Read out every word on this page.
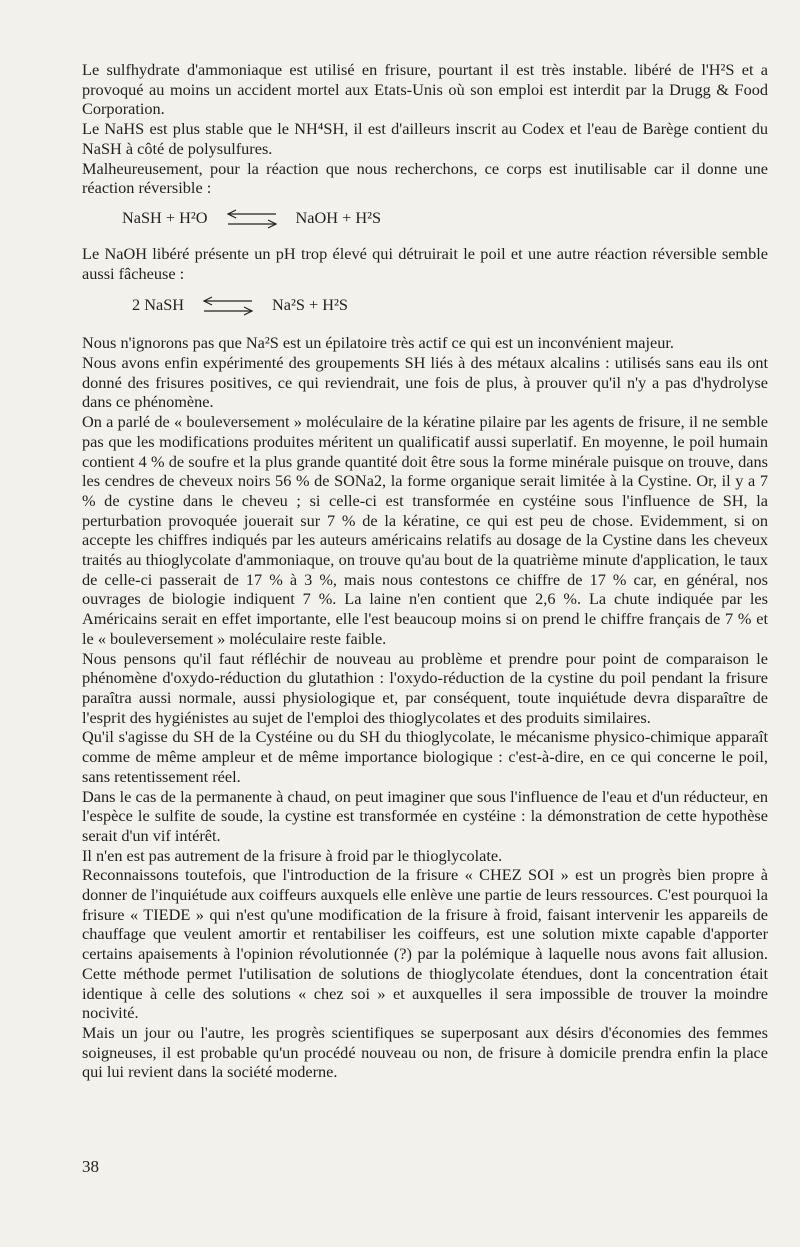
Le sulfhydrate d'ammoniaque est utilisé en frisure, pourtant il est très instable. libéré de l'H²S et a provoqué au moins un accident mortel aux Etats-Unis où son emploi est interdit par la Drugg & Food Corporation.

Le NaHS est plus stable que le NH⁴SH, il est d'ailleurs inscrit au Codex et l'eau de Barège contient du NaSH à côté de polysulfures.

Malheureusement, pour la réaction que nous recherchons, ce corps est inutilisable car il donne une réaction réversible :

NaSH + H²O ⇌ NaOH + H²S

Le NaOH libéré présente un pH trop élevé qui détruirait le poil et une autre réaction réversible semble aussi fâcheuse :

2 NaSH ⇌ Na²S + H²S

Nous n'ignorons pas que Na²S est un épilatoire très actif ce qui est un inconvénient majeur.

Nous avons enfin expérimenté des groupements SH liés à des métaux alcalins : utilisés sans eau ils ont donné des frisures positives, ce qui reviendrait, une fois de plus, à prouver qu'il n'y a pas d'hydrolyse dans ce phénomène.

On a parlé de « bouleversement » moléculaire de la kératine pilaire par les agents de frisure, il ne semble pas que les modifications produites méritent un qualificatif aussi superlatif. En moyenne, le poil humain contient 4 % de soufre et la plus grande quantité doit être sous la forme minérale puisque on trouve, dans les cendres de cheveux noirs 56 % de SONa2, la forme organique serait limitée à la Cystine. Or, il y a 7 % de cystine dans le cheveu ; si celle-ci est transformée en cystéine sous l'influence de SH, la perturbation provoquée jouerait sur 7 % de la kératine, ce qui est peu de chose. Evidemment, si on accepte les chiffres indiqués par les auteurs américains relatifs au dosage de la Cystine dans les cheveux traités au thioglycolate d'ammoniaque, on trouve qu'au bout de la quatrième minute d'application, le taux de celle-ci passerait de 17 % à 3 %, mais nous contestons ce chiffre de 17 % car, en général, nos ouvrages de biologie indiquent 7 %. La laine n'en contient que 2,6 %. La chute indiquée par les Américains serait en effet importante, elle l'est beaucoup moins si on prend le chiffre français de 7 % et le « bouleversement » moléculaire reste faible.

Nous pensons qu'il faut réfléchir de nouveau au problème et prendre pour point de comparaison le phénomène d'oxydo-réduction du glutathion : l'oxydo-réduction de la cystine du poil pendant la frisure paraîtra aussi normale, aussi physiologique et, par conséquent, toute inquiétude devra disparaître de l'esprit des hygiénistes au sujet de l'emploi des thioglycolates et des produits similaires.

Qu'il s'agisse du SH de la Cystéine ou du SH du thioglycolate, le mécanisme physico-chimique apparaît comme de même ampleur et de même importance biologique : c'est-à-dire, en ce qui concerne le poil, sans retentissement réel.

Dans le cas de la permanente à chaud, on peut imaginer que sous l'influence de l'eau et d'un réducteur, en l'espèce le sulfite de soude, la cystine est transformée en cystéine : la démonstration de cette hypothèse serait d'un vif intérêt.

Il n'en est pas autrement de la frisure à froid par le thioglycolate.

Reconnaissons toutefois, que l'introduction de la frisure « CHEZ SOI » est un progrès bien propre à donner de l'inquiétude aux coiffeurs auxquels elle enlève une partie de leurs ressources. C'est pourquoi la frisure « TIEDE » qui n'est qu'une modification de la frisure à froid, faisant intervenir les appareils de chauffage que veulent amortir et rentabiliser les coiffeurs, est une solution mixte capable d'apporter certains apaisements à l'opinion révolutionnée (?) par la polémique à laquelle nous avons fait allusion. Cette méthode permet l'utilisation de solutions de thioglycolate étendues, dont la concentration était identique à celle des solutions « chez soi » et auxquelles il sera impossible de trouver la moindre nocivité.

Mais un jour ou l'autre, les progrès scientifiques se superposant aux désirs d'économies des femmes soigneuses, il est probable qu'un procédé nouveau ou non, de frisure à domicile prendra enfin la place qui lui revient dans la société moderne.

38
